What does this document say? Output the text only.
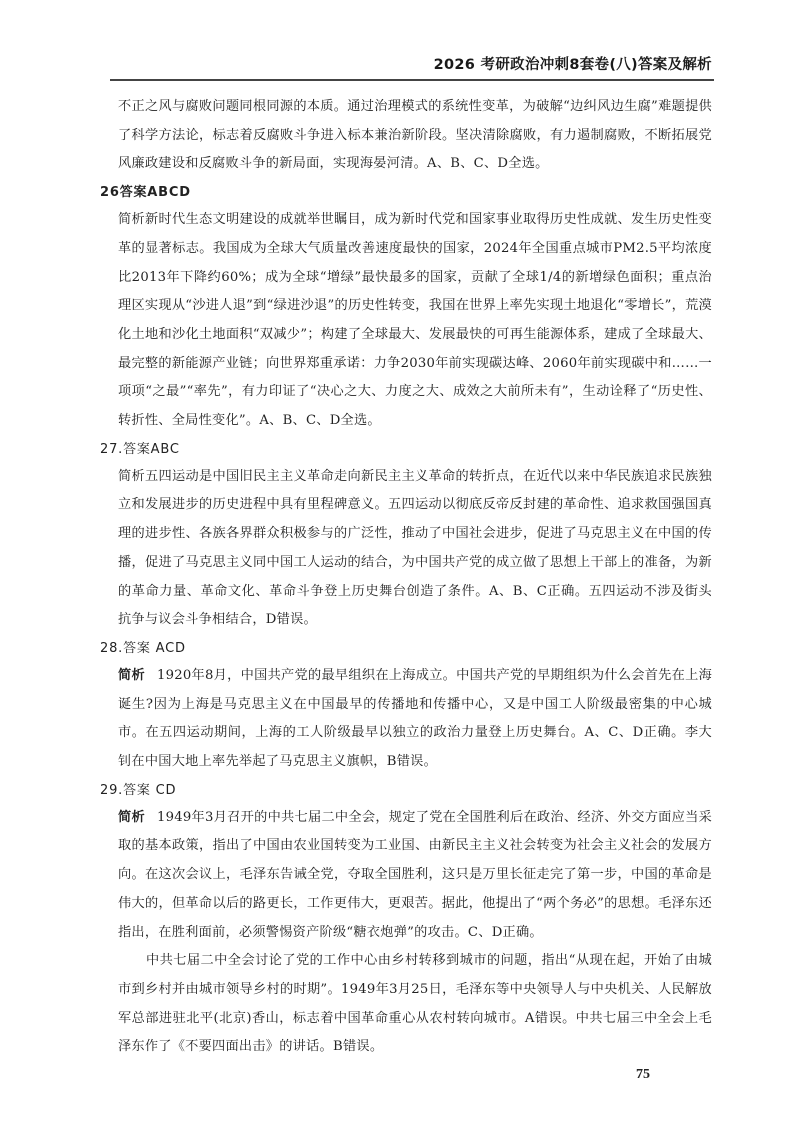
2026 考研政治冲刺8套卷(八)答案及解析

不正之风与腐败问题同根同源的本质。通过治理模式的系统性变革，为破解“边纠风边生腐”难题提供了科学方法论，标志着反腐败斗争进入标本兼治新阶段。坚决清除腐败，有力遏制腐败，不断拓展党风廉政建设和反腐败斗争的新局面，实现海晏河清。A、B、C、D全选。

26答案ABCD

简析新时代生态文明建设的成就举世瞩目，成为新时代党和国家事业取得历史性成就、发生历史性变革的显著标志。我国成为全球大气质量改善速度最快的国家，2024年全国重点城市PM2.5平均浓度比2013年下降约60%；成为全球“增绿”最快最多的国家，贡献了全球1/4的新增绿色面积；重点治理区实现从“沙进人退”到“绿进沙退”的历史性转变，我国在世界上率先实现土地退化“零增长”，荒漠化土地和沙化土地面积“双减少”；构建了全球最大、发展最快的可再生能源体系，建成了全球最大、最完整的新能源产业链；向世界郑重承诺：力争2030年前实现碳达峰、2060年前实现碳中和……一项项“之最”“率先”，有力印证了“决心之大、力度之大、成效之大前所未有”，生动诠释了“历史性、转折性、全局性变化”。A、B、C、D全选。

27.答案ABC

简析五四运动是中国旧民主主义革命走向新民主主义革命的转折点，在近代以来中华民族追求民族独立和发展进步的历史进程中具有里程碑意义。五四运动以彻底反帝反封建的革命性、追求救国强国真理的进步性、各族各界群众积极参与的广泛性，推动了中国社会进步，促进了马克思主义在中国的传播，促进了马克思主义同中国工人运动的结合，为中国共产党的成立做了思想上干部上的准备，为新的革命力量、革命文化、革命斗争登上历史舞台创造了条件。A、B、C正确。五四运动不涉及街头抗争与议会斗争相结合，D错误。

28.答案 ACD

简析 1920年8月，中国共产党的最早组织在上海成立。中国共产党的早期组织为什么会首先在上海诞生?因为上海是马克思主义在中国最早的传播地和传播中心，又是中国工人阶级最密集的中心城市。在五四运动期间，上海的工人阶级最早以独立的政治力量登上历史舞台。A、C、D正确。李大钊在中国大地上率先举起了马克思主义旗帜，B错误。

29.答案 CD

简析 1949年3月召开的中共七届二中全会，规定了党在全国胜利后在政治、经济、外交方面应当采取的基本政策，指出了中国由农业国转变为工业国、由新民主主义社会转变为社会主义社会的发展方向。在这次会议上，毛泽东告诫全党，夺取全国胜利，这只是万里长征走完了第一步，中国的革命是伟大的，但革命以后的路更长，工作更伟大，更艰苦。据此，他提出了“两个务必”的思想。毛泽东还指出，在胜利面前，必须警惕资产阶级“糖衣炮弹”的攻击。C、D正确。

中共七届二中全会讨论了党的工作中心由乡村转移到城市的问题，指出“从现在起，开始了由城市到乡村并由城市领导乡村的时期”。1949年3月25日，毛泽东等中央领导人与中央机关、人民解放军总部进驻北平(北京)香山，标志着中国革命重心从农村转向城市。A错误。中共七届三中全会上毛泽东作了《不要四面出击》的讲话。B错误。

75
